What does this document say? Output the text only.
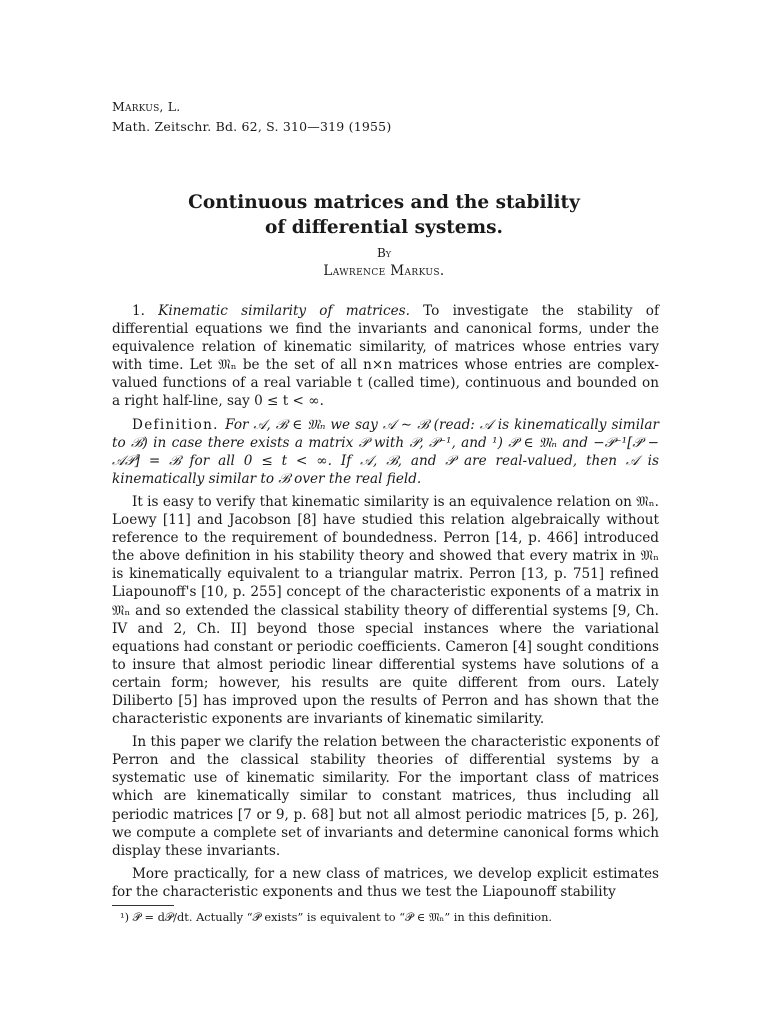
Markus, L.
Math. Zeitschr. Bd. 62, S. 310—319 (1955)
Continuous matrices and the stability
of differential systems.
By
Lawrence Markus.

1. Kinematic similarity of matrices. To investigate the stability of differential equations we find the invariants and canonical forms, under the equivalence relation of kinematic similarity, of matrices whose entries vary with time. Let 𝔐ₙ be the set of all n×n matrices whose entries are complex-valued functions of a real variable t (called time), continuous and bounded on a right half-line, say 0 ≤ t < ∞.

Definition. For 𝒜, ℬ ∈ 𝔐ₙ we say 𝒜 ∼ ℬ (read: 𝒜 is kinematically similar to ℬ) in case there exists a matrix 𝒫 with 𝒫, 𝒫⁻¹, and ¹) 𝒫̇ ∈ 𝔐ₙ and −𝒫⁻¹[𝒫̇ − 𝒜𝒫] = ℬ for all 0 ≤ t < ∞. If 𝒜, ℬ, and 𝒫 are real-valued, then 𝒜 is kinematically similar to ℬ over the real field.

It is easy to verify that kinematic similarity is an equivalence relation on 𝔐ₙ. Loewy [11] and Jacobson [8] have studied this relation algebraically without reference to the requirement of boundedness. Perron [14, p. 466] introduced the above definition in his stability theory and showed that every matrix in 𝔐ₙ is kinematically equivalent to a triangular matrix. Perron [13, p. 751] refined Liapounoff's [10, p. 255] concept of the characteristic exponents of a matrix in 𝔐ₙ and so extended the classical stability theory of differential systems [9, Ch. IV and 2, Ch. II] beyond those special instances where the variational equations had constant or periodic coefficients. Cameron [4] sought conditions to insure that almost periodic linear differential systems have solutions of a certain form; however, his results are quite different from ours. Lately Diliberto [5] has improved upon the results of Perron and has shown that the characteristic exponents are invariants of kinematic similarity.

In this paper we clarify the relation between the characteristic exponents of Perron and the classical stability theories of differential systems by a systematic use of kinematic similarity. For the important class of matrices which are kinematically similar to constant matrices, thus including all periodic matrices [7 or 9, p. 68] but not all almost periodic matrices [5, p. 26], we compute a complete set of invariants and determine canonical forms which display these invariants.

More practically, for a new class of matrices, we develop explicit estimates for the characteristic exponents and thus we test the Liapounoff stability

¹) 𝒫̇ = d𝒫/dt. Actually “𝒫̇ exists” is equivalent to “𝒫̇ ∈ 𝔐ₙ” in this definition.
